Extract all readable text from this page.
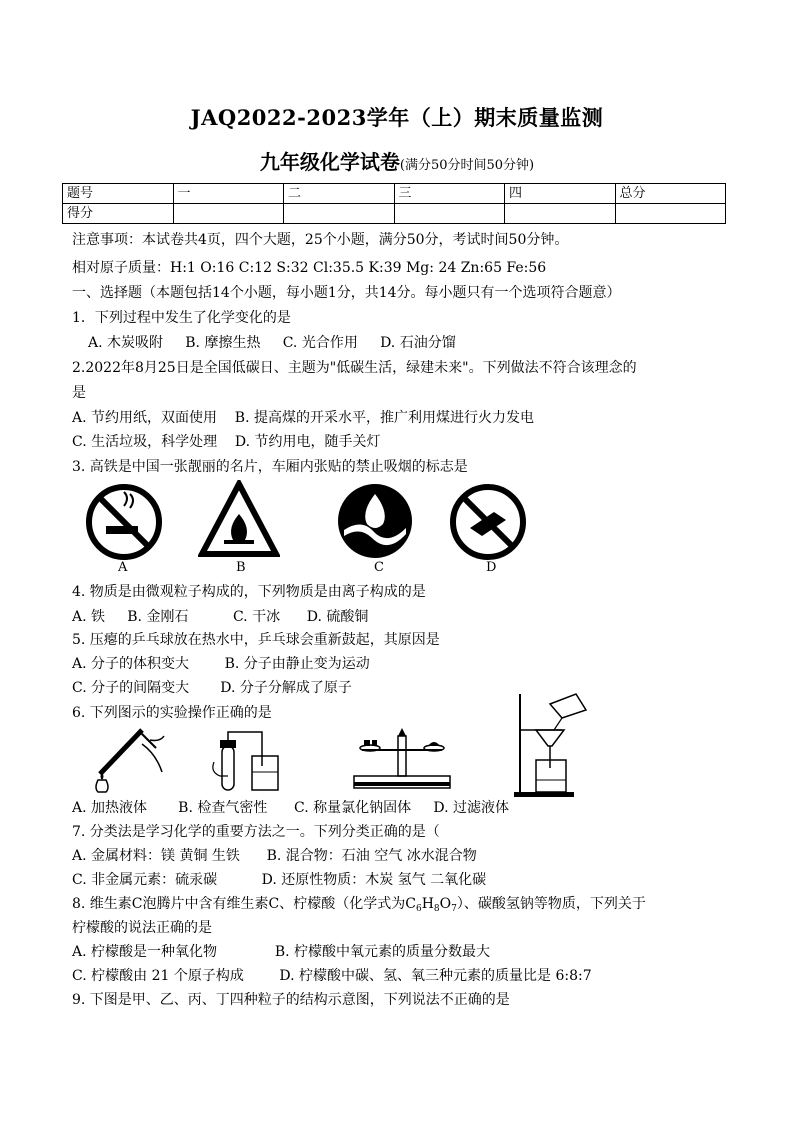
JAQ2022-2023学年（上）期末质量监测
九年级化学试卷(满分50分时间50分钟)
题号	一	二	三	四	总分
得分					
注意事项：本试卷共4页，四个大题，25个小题，满分50分，考试时间50分钟。
相对原子质量：H:1 O:16 C:12 S:32 Cl:35.5 K:39 Mg: 24 Zn:65 Fe:56
一、选择题（本题包括14个小题，每小题1分，共14分。每小题只有一个选项符合题意）
1．下列过程中发生了化学变化的是
A. 木炭吸附     B. 摩擦生热     C. 光合作用     D. 石油分馏
2.2022年8月25日是全国低碳日、主题为"低碳生活，绿建未来"。下列做法不符合该理念的
是
A. 节约用纸，双面使用    B. 提高煤的开采水平，推广利用煤进行火力发电
C. 生活垃圾，科学处理    D. 节约用电，随手关灯
3. 高铁是中国一张靓丽的名片，车厢内张贴的禁止吸烟的标志是
A	B	C	D
4. 物质是由微观粒子构成的，下列物质是由离子构成的是
A. 铁     B. 金刚石          C. 干冰      D. 硫酸铜
5. 压瘪的乒乓球放在热水中，乒乓球会重新鼓起，其原因是
A. 分子的体积变大        B. 分子由静止变为运动
C. 分子的间隔变大       D. 分子分解成了原子
6. 下列图示的实验操作正确的是
A. 加热液体       B. 检查气密性      C. 称量氯化钠固体     D. 过滤液体
7. 分类法是学习化学的重要方法之一。下列分类正确的是（
A. 金属材料：镁 黄铜 生铁      B. 混合物：石油 空气 冰水混合物
C. 非金属元素：硫汞碳          D. 还原性物质：木炭 氢气 二氧化碳
8. 维生素C泡腾片中含有维生素C、柠檬酸（化学式为$C_6H_8O_7$）、碳酸氢钠等物质，下列关于
柠檬酸的说法正确的是
A. 柠檬酸是一种氧化物             B. 柠檬酸中氧元素的质量分数最大
C. 柠檬酸由 21 个原子构成        D. 柠檬酸中碳、氢、氧三种元素的质量比是 6:8:7
9. 下图是甲、乙、丙、丁四种粒子的结构示意图，下列说法不正确的是
